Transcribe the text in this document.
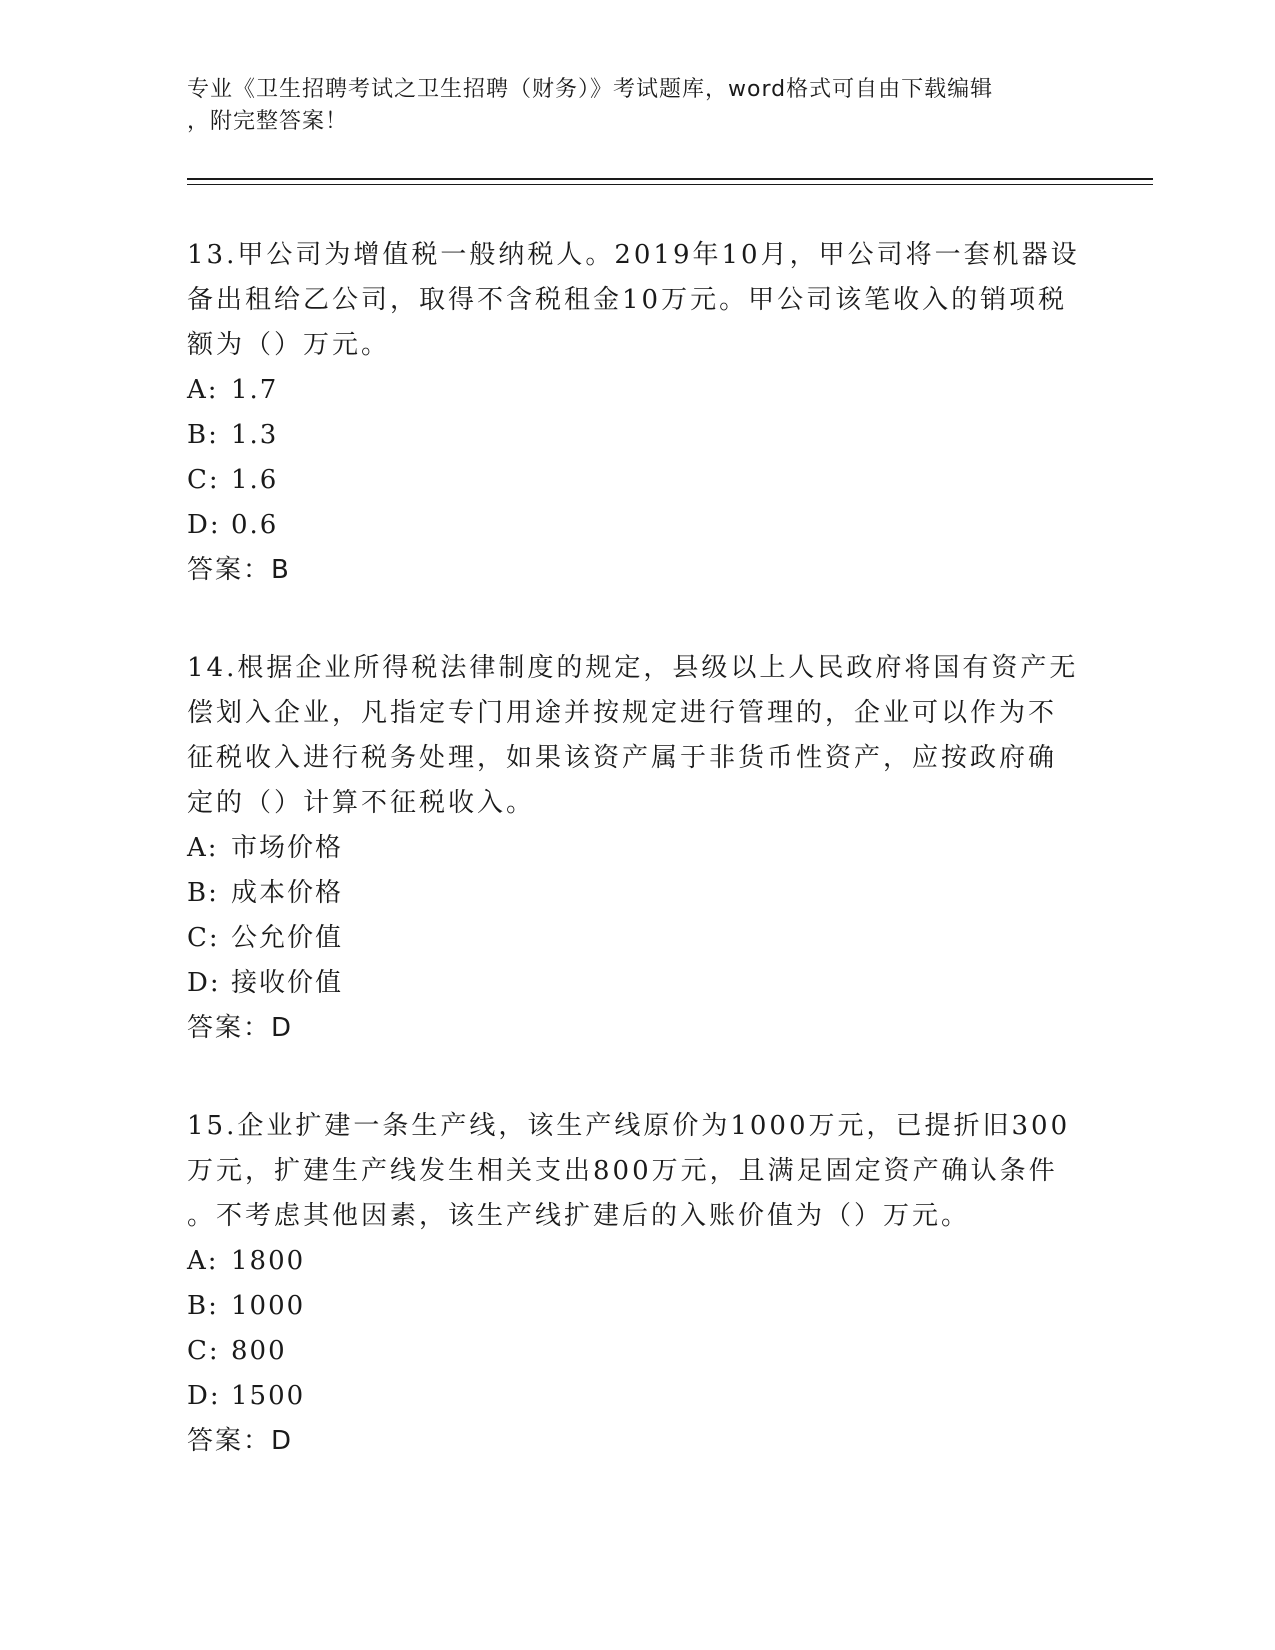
专业《卫生招聘考试之卫生招聘（财务）》考试题库，word格式可自由下载编辑
，附完整答案！

13.甲公司为增值税一般纳税人。2019年10月，甲公司将一套机器设

备出租给乙公司，取得不含税租金10万元。甲公司该笔收入的销项税

额为（）万元。

A: 1.7

B: 1.3

C: 1.6

D: 0.6

答案：B

14.根据企业所得税法律制度的规定，县级以上人民政府将国有资产无

偿划入企业，凡指定专门用途并按规定进行管理的，企业可以作为不

征税收入进行税务处理，如果该资产属于非货币性资产，应按政府确

定的（）计算不征税收入。

A: 市场价格

B: 成本价格

C: 公允价值

D: 接收价值

答案：D

15.企业扩建一条生产线，该生产线原价为1000万元，已提折旧300

万元，扩建生产线发生相关支出800万元，且满足固定资产确认条件

。不考虑其他因素，该生产线扩建后的入账价值为（）万元。

A: 1800

B: 1000

C: 800

D: 1500

答案：D
